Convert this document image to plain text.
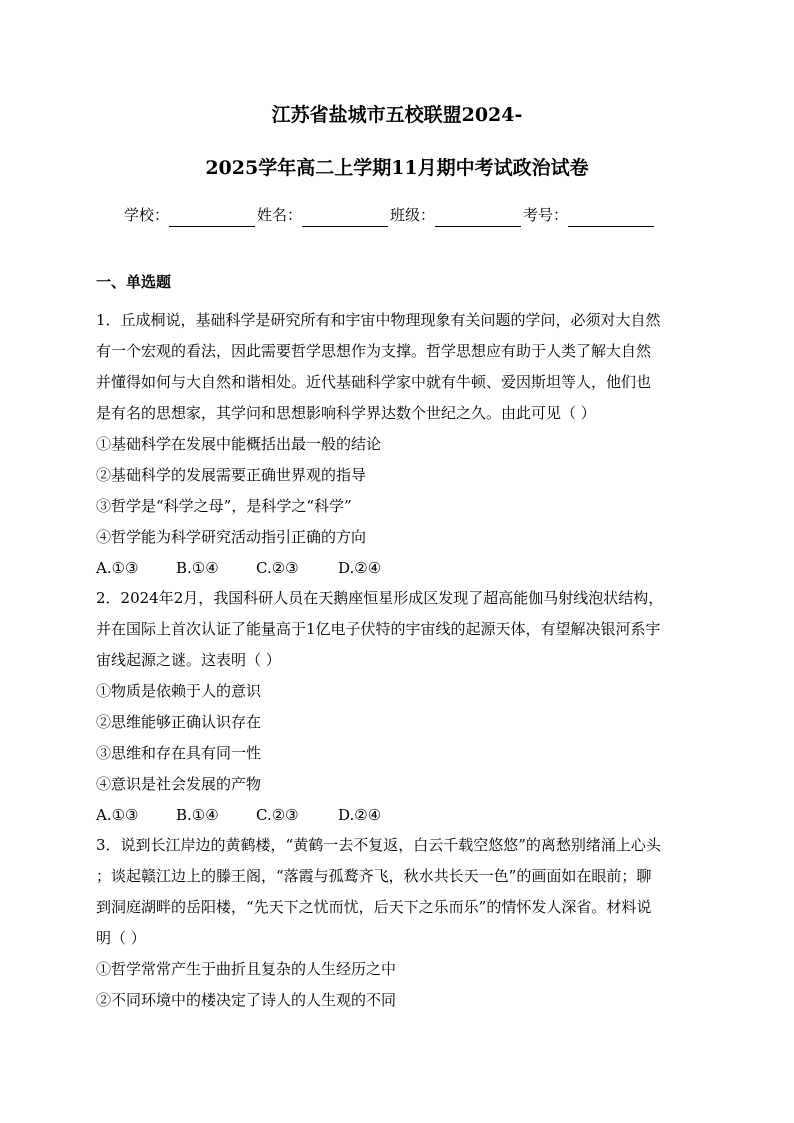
江苏省盐城市五校联盟2024-
2025学年高二上学期11月期中考试政治试卷
学校：	姓名：	班级：	考号：
一、单选题
1．丘成桐说，基础科学是研究所有和宇宙中物理现象有关问题的学问，必须对大自然
有一个宏观的看法，因此需要哲学思想作为支撑。哲学思想应有助于人类了解大自然
并懂得如何与大自然和谐相处。近代基础科学家中就有牛顿、爱因斯坦等人，他们也
是有名的思想家，其学问和思想影响科学界达数个世纪之久。由此可见（ ）
①基础科学在发展中能概括出最一般的结论
②基础科学的发展需要正确世界观的指导
③哲学是“科学之母”，是科学之“科学”
④哲学能为科学研究活动指引正确的方向
A.①③	B.①④ C.②③	D.②④
2．2024年2月，我国科研人员在天鹅座恒星形成区发现了超高能伽马射线泡状结构，
并在国际上首次认证了能量高于1亿电子伏特的宇宙线的起源天体，有望解决银河系宇
宙线起源之谜。这表明（ ）
①物质是依赖于人的意识
②思维能够正确认识存在
③思维和存在具有同一性
④意识是社会发展的产物
A.①③	B.①④ C.②③	D.②④
3．说到长江岸边的黄鹤楼，“黄鹤一去不复返，白云千载空悠悠”的离愁别绪涌上心头
；谈起赣江边上的滕王阁，“落霞与孤鹜齐飞，秋水共长天一色”的画面如在眼前；聊
到洞庭湖畔的岳阳楼，“先天下之忧而忧，后天下之乐而乐”的情怀发人深省。材料说
明（ ）
①哲学常常产生于曲折且复杂的人生经历之中
②不同环境中的楼决定了诗人的人生观的不同
